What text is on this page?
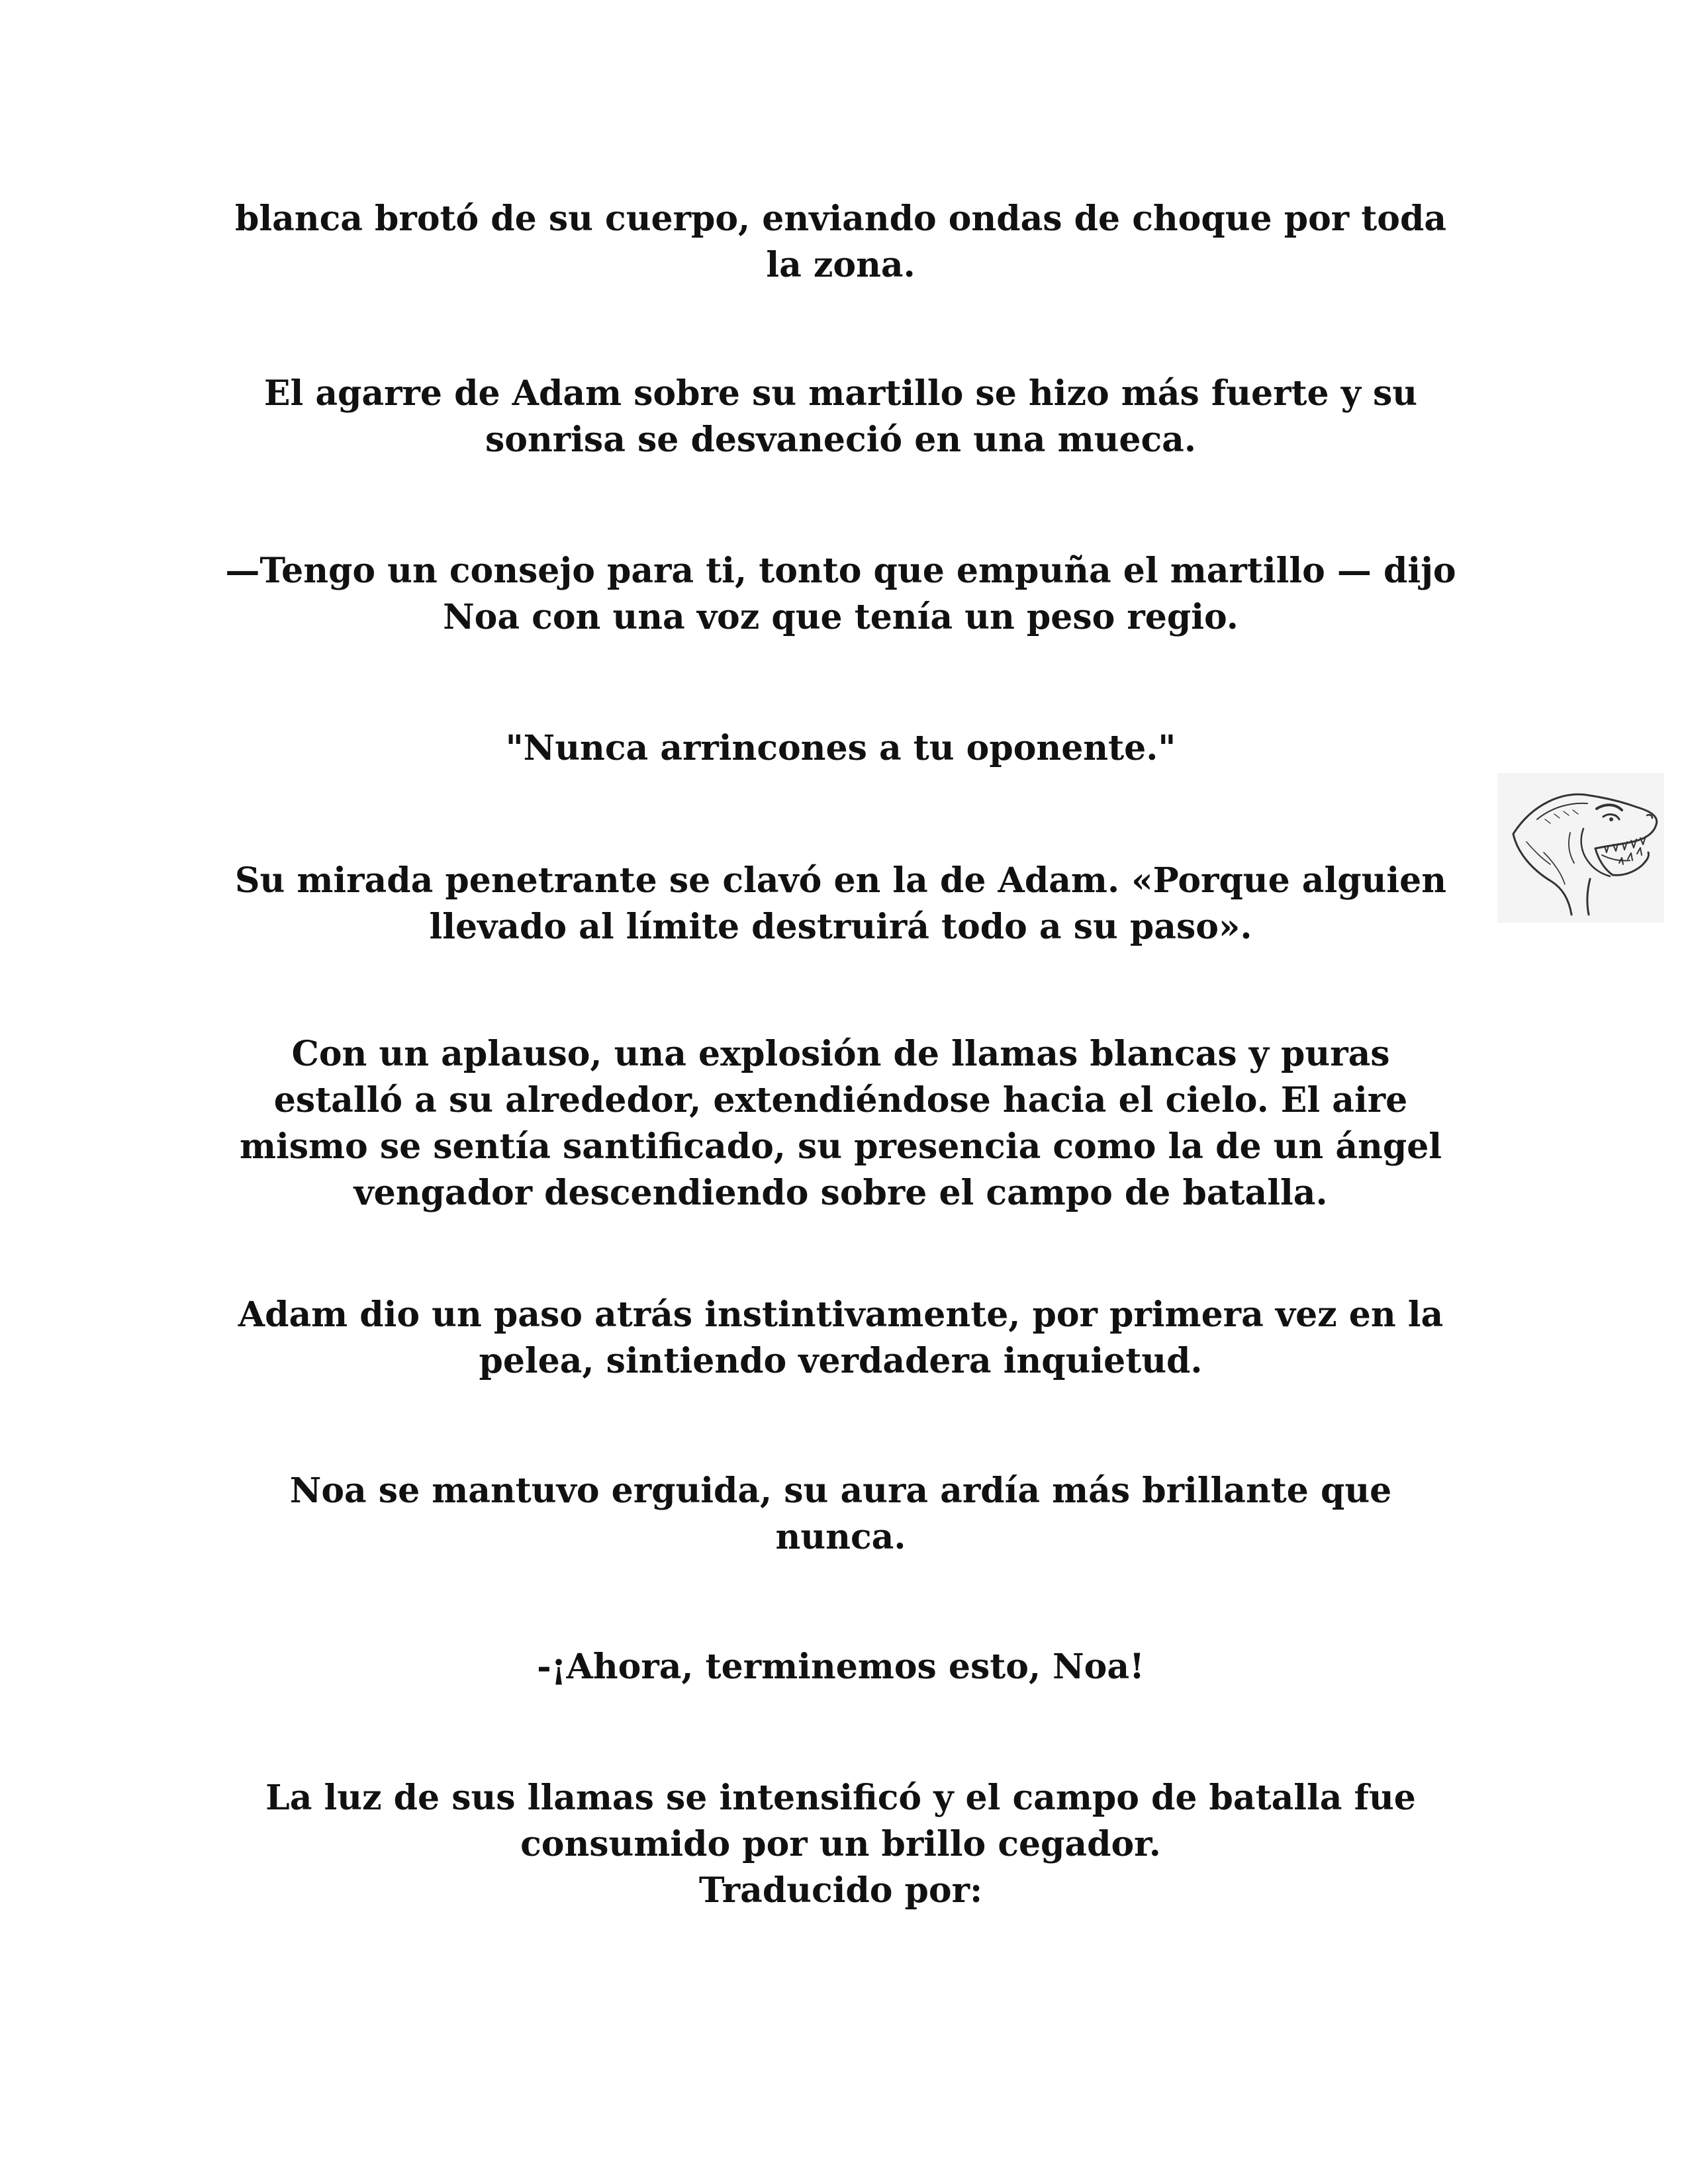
blanca brotó de su cuerpo, enviando ondas de choque por toda la zona.

El agarre de Adam sobre su martillo se hizo más fuerte y su sonrisa se desvaneció en una mueca.

—Tengo un consejo para ti, tonto que empuña el martillo — dijo Noa con una voz que tenía un peso regio.

"Nunca arrincones a tu oponente."

Su mirada penetrante se clavó en la de Adam. «Porque alguien llevado al límite destruirá todo a su paso».

Con un aplauso, una explosión de llamas blancas y puras estalló a su alrededor, extendiéndose hacia el cielo. El aire mismo se sentía santificado, su presencia como la de un ángel vengador descendiendo sobre el campo de batalla.

Adam dio un paso atrás instintivamente, por primera vez en la pelea, sintiendo verdadera inquietud.

Noa se mantuvo erguida, su aura ardía más brillante que nunca.

-¡Ahora, terminemos esto, Noa!

La luz de sus llamas se intensificó y el campo de batalla fue consumido por un brillo cegador.

Traducido por:
